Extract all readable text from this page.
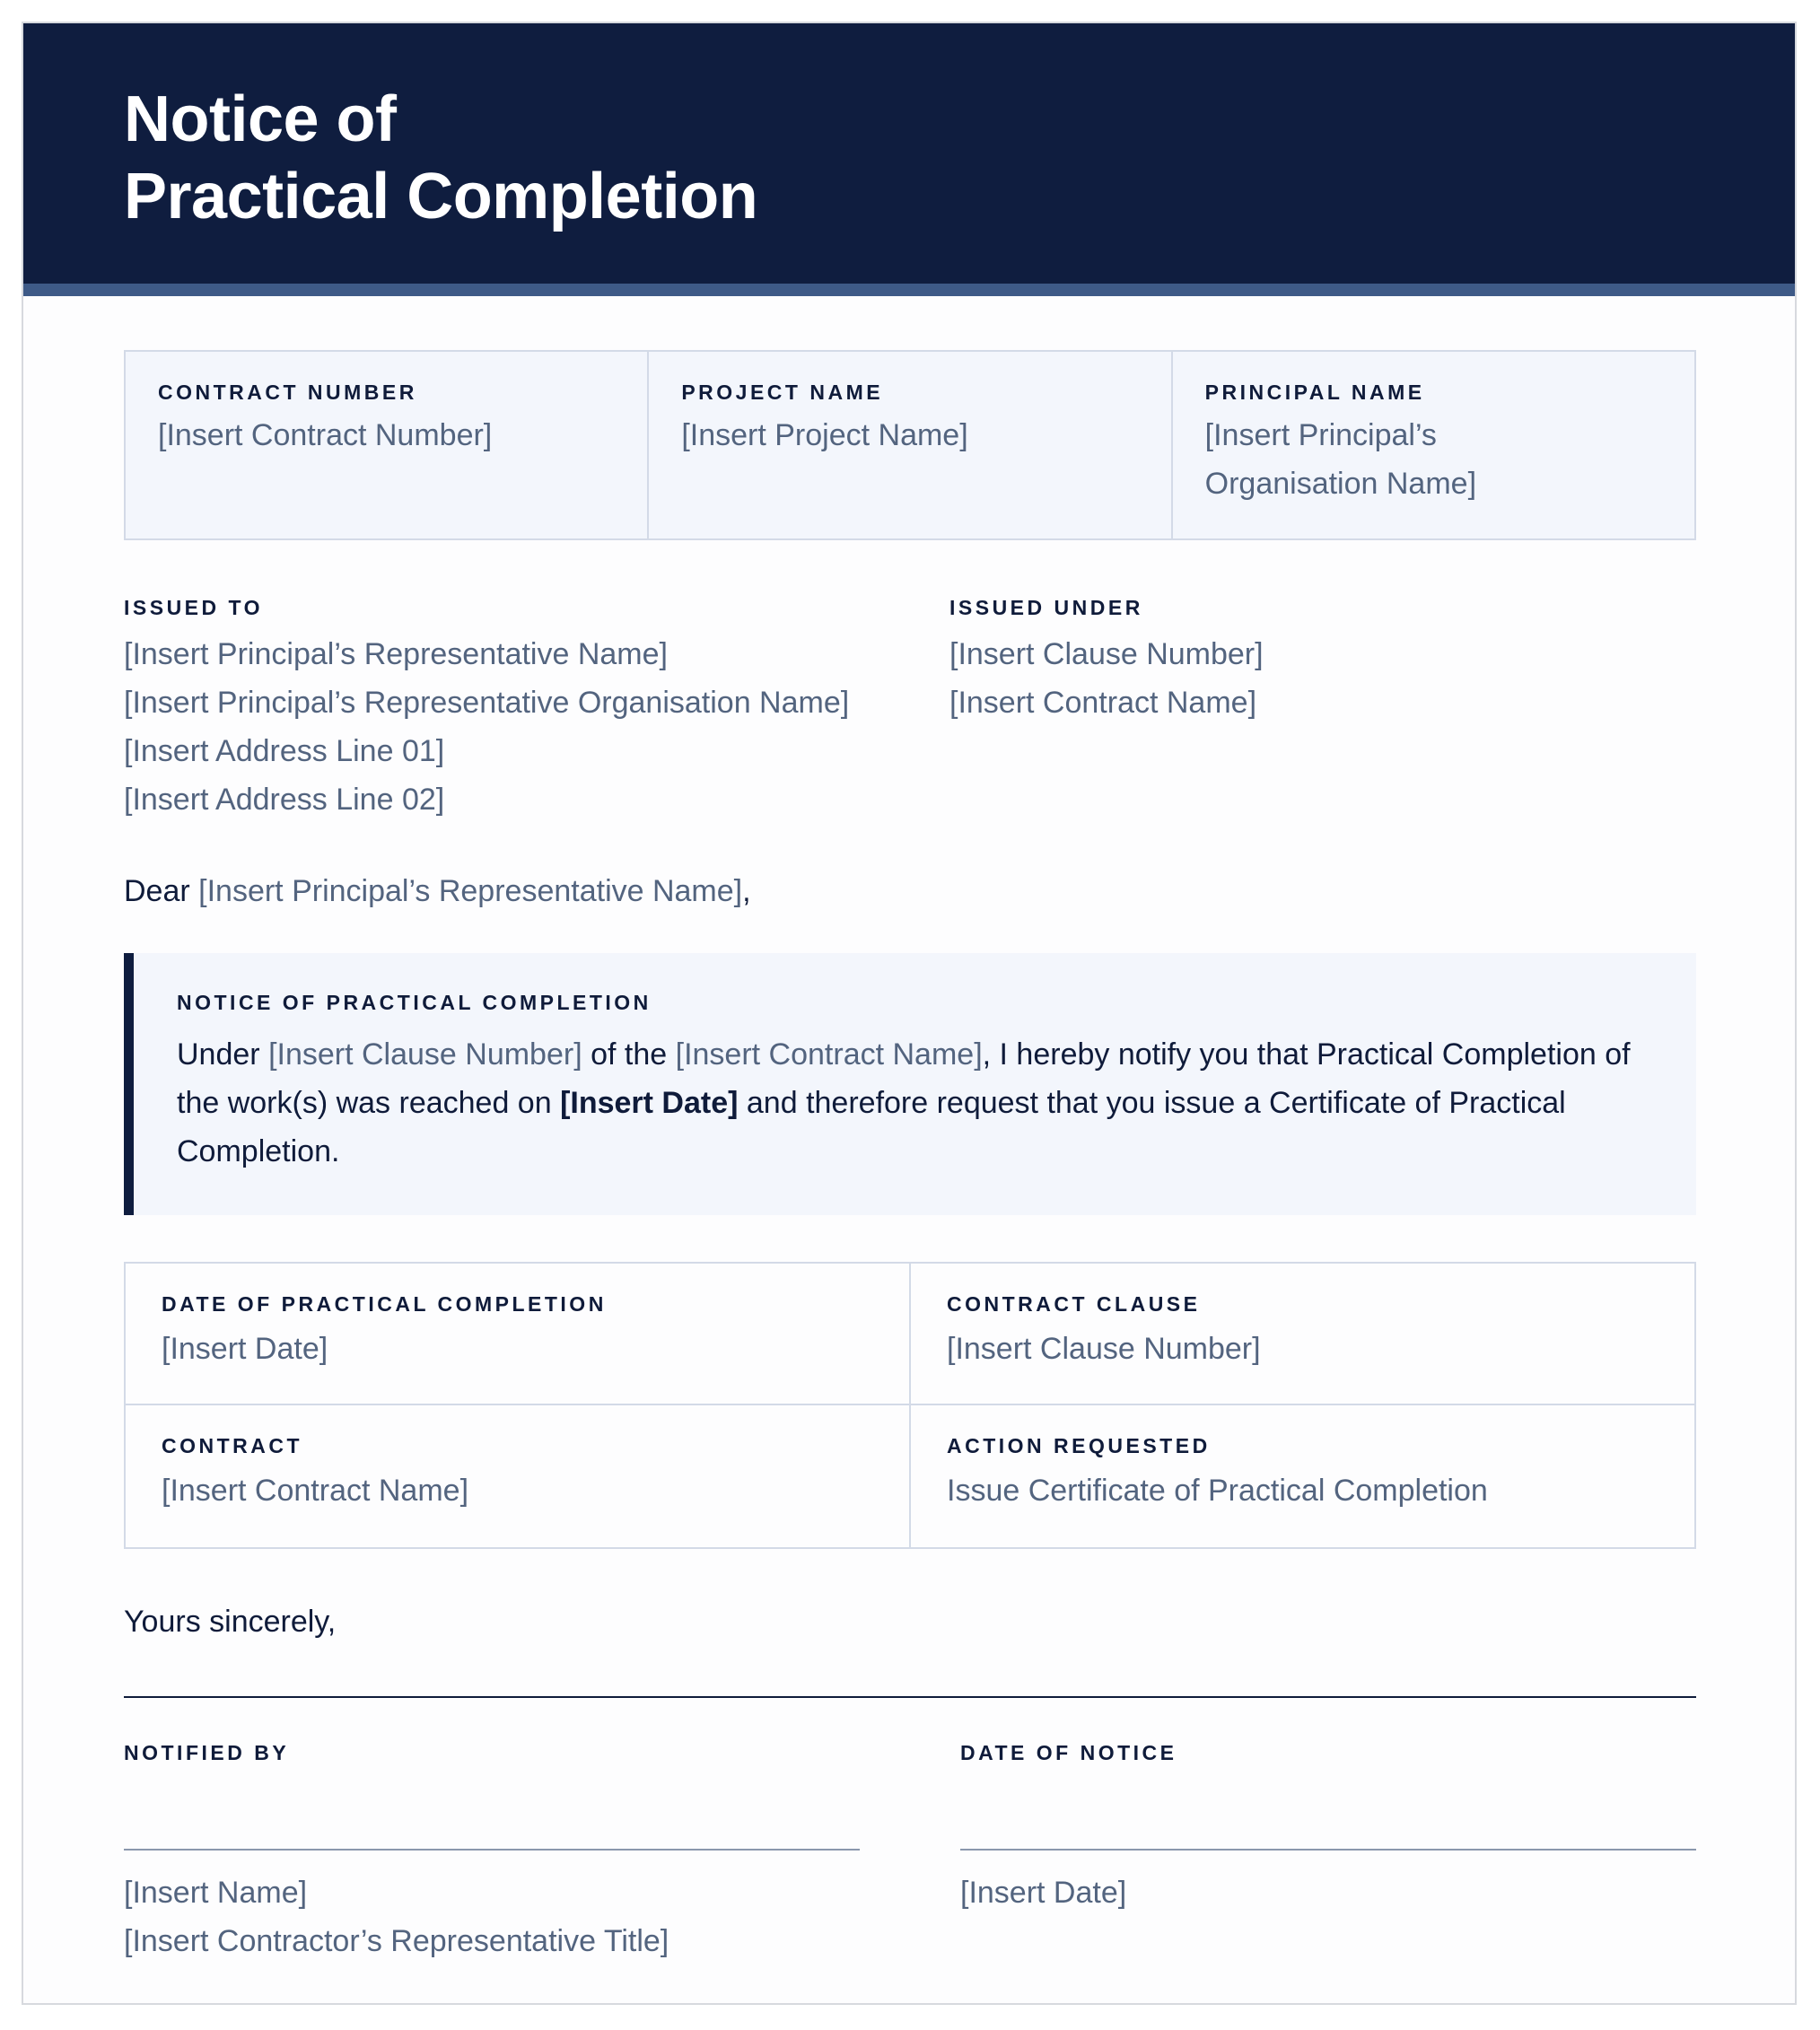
Notice of
Practical Completion
CONTRACT NUMBER
[Insert Contract Number]
PROJECT NAME
[Insert Project Name]
PRINCIPAL NAME
[Insert Principal’s
Organisation Name]
ISSUED TO
[Insert Principal’s Representative Name]
[Insert Principal’s Representative Organisation Name]
[Insert Address Line 01]
[Insert Address Line 02]
ISSUED UNDER
[Insert Clause Number]
[Insert Contract Name]
Dear [Insert Principal’s Representative Name],
NOTICE OF PRACTICAL COMPLETION
Under [Insert Clause Number] of the [Insert Contract Name], I hereby notify you that Practical Completion of the work(s) was reached on [Insert Date] and therefore request that you issue a Certificate of Practical Completion.
DATE OF PRACTICAL COMPLETION
[Insert Date]
CONTRACT CLAUSE
[Insert Clause Number]
CONTRACT
[Insert Contract Name]
ACTION REQUESTED
Issue Certificate of Practical Completion
Yours sincerely,
NOTIFIED BY
[Insert Name]
[Insert Contractor’s Representative Title]
DATE OF NOTICE
[Insert Date]
